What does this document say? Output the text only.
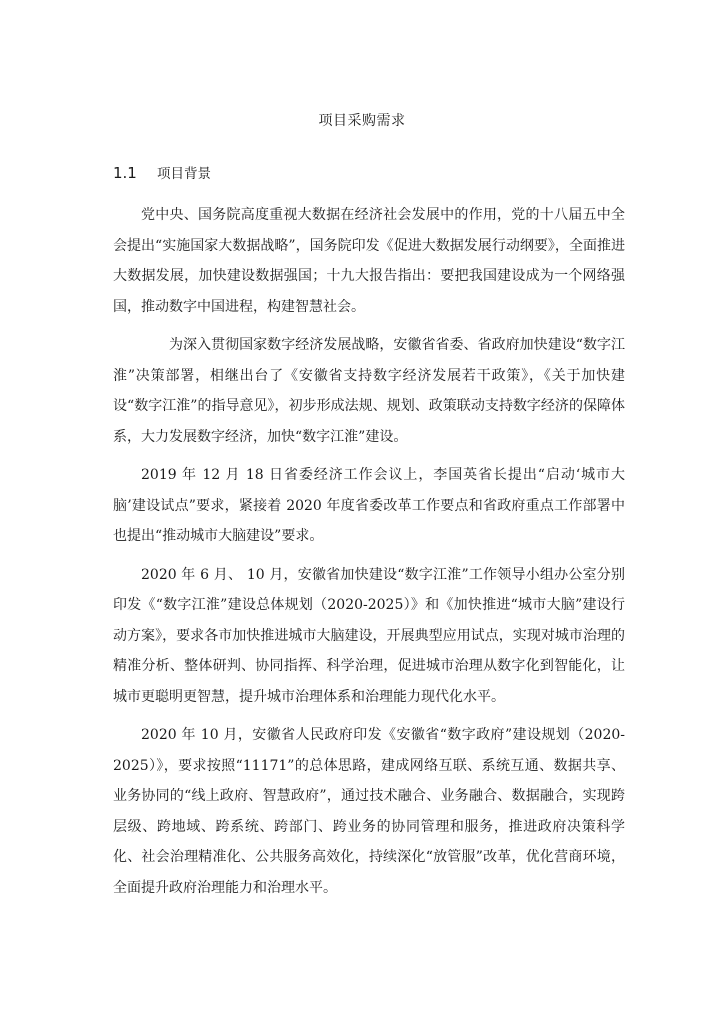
项目采购需求
1.1 项目背景

党中央、国务院高度重视大数据在经济社会发展中的作用，党的十八届五中全会提出“实施国家大数据战略”，国务院印发《促进大数据发展行动纲要》，全面推进大数据发展，加快建设数据强国；十九大报告指出：要把我国建设成为一个网络强国，推动数字中国进程，构建智慧社会。

为深入贯彻国家数字经济发展战略，安徽省省委、省政府加快建设“数字江淮”决策部署，相继出台了《安徽省支持数字经济发展若干政策》，《关于加快建设“数字江淮”的指导意见》，初步形成法规、规划、政策联动支持数字经济的保障体系，大力发展数字经济，加快“数字江淮”建设。

2019 年 12 月 18 日省委经济工作会议上，李国英省长提出“启动‘城市大脑’建设试点”要求，紧接着 2020 年度省委改革工作要点和省政府重点工作部署中也提出“推动城市大脑建设”要求。

2020 年 6 月、 10 月，安徽省加快建设“数字江淮”工作领导小组办公室分别印发《“数字江淮”建设总体规划（2020-2025）》和《加快推进“城市大脑”建设行动方案》，要求各市加快推进城市大脑建设，开展典型应用试点，实现对城市治理的精准分析、整体研判、协同指挥、科学治理，促进城市治理从数字化到智能化，让城市更聪明更智慧，提升城市治理体系和治理能力现代化水平。

2020 年 10 月，安徽省人民政府印发《安徽省“数字政府”建设规划（2020-2025）》，要求按照“11171”的总体思路，建成网络互联、系统互通、数据共享、业务协同的“线上政府、智慧政府”，通过技术融合、业务融合、数据融合，实现跨层级、跨地域、跨系统、跨部门、跨业务的协同管理和服务，推进政府决策科学化、社会治理精准化、公共服务高效化，持续深化“放管服”改革，优化营商环境，全面提升政府治理能力和治理水平。
